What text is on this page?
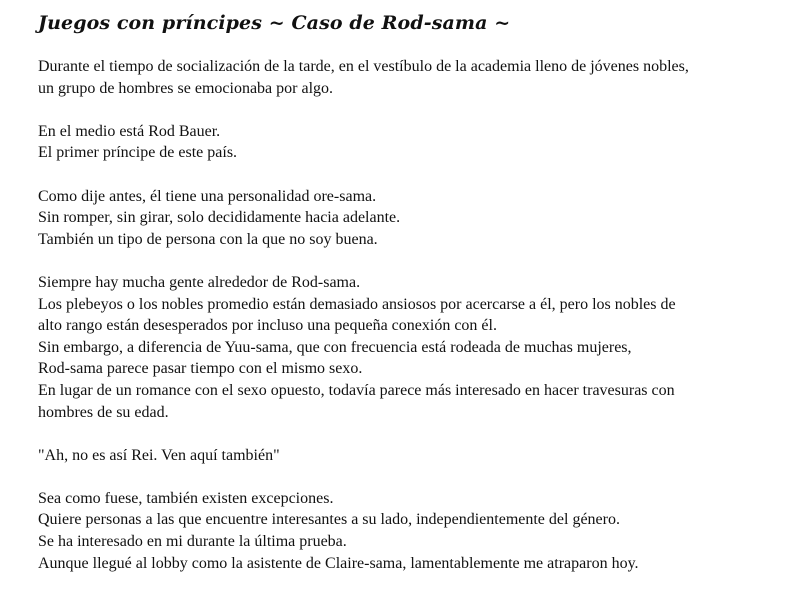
Juegos con príncipes ~ Caso de Rod-sama ~

Durante el tiempo de socialización de la tarde, en el vestíbulo de la academia lleno de jóvenes nobles,
un grupo de hombres se emocionaba por algo.

En el medio está Rod Bauer.
El primer príncipe de este país.

Como dije antes, él tiene una personalidad ore-sama.
Sin romper, sin girar, solo decididamente hacia adelante.
También un tipo de persona con la que no soy buena.

Siempre hay mucha gente alrededor de Rod-sama.
Los plebeyos o los nobles promedio están demasiado ansiosos por acercarse a él, pero los nobles de
alto rango están desesperados por incluso una pequeña conexión con él.
Sin embargo, a diferencia de Yuu-sama, que con frecuencia está rodeada de muchas mujeres,
Rod-sama parece pasar tiempo con el mismo sexo.
En lugar de un romance con el sexo opuesto, todavía parece más interesado en hacer travesuras con
hombres de su edad.

"Ah, no es así Rei. Ven aquí también"

Sea como fuese, también existen excepciones.
Quiere personas a las que encuentre interesantes a su lado, independientemente del género.
Se ha interesado en mi durante la última prueba.
Aunque llegué al lobby como la asistente de Claire-sama, lamentablemente me atraparon hoy.
